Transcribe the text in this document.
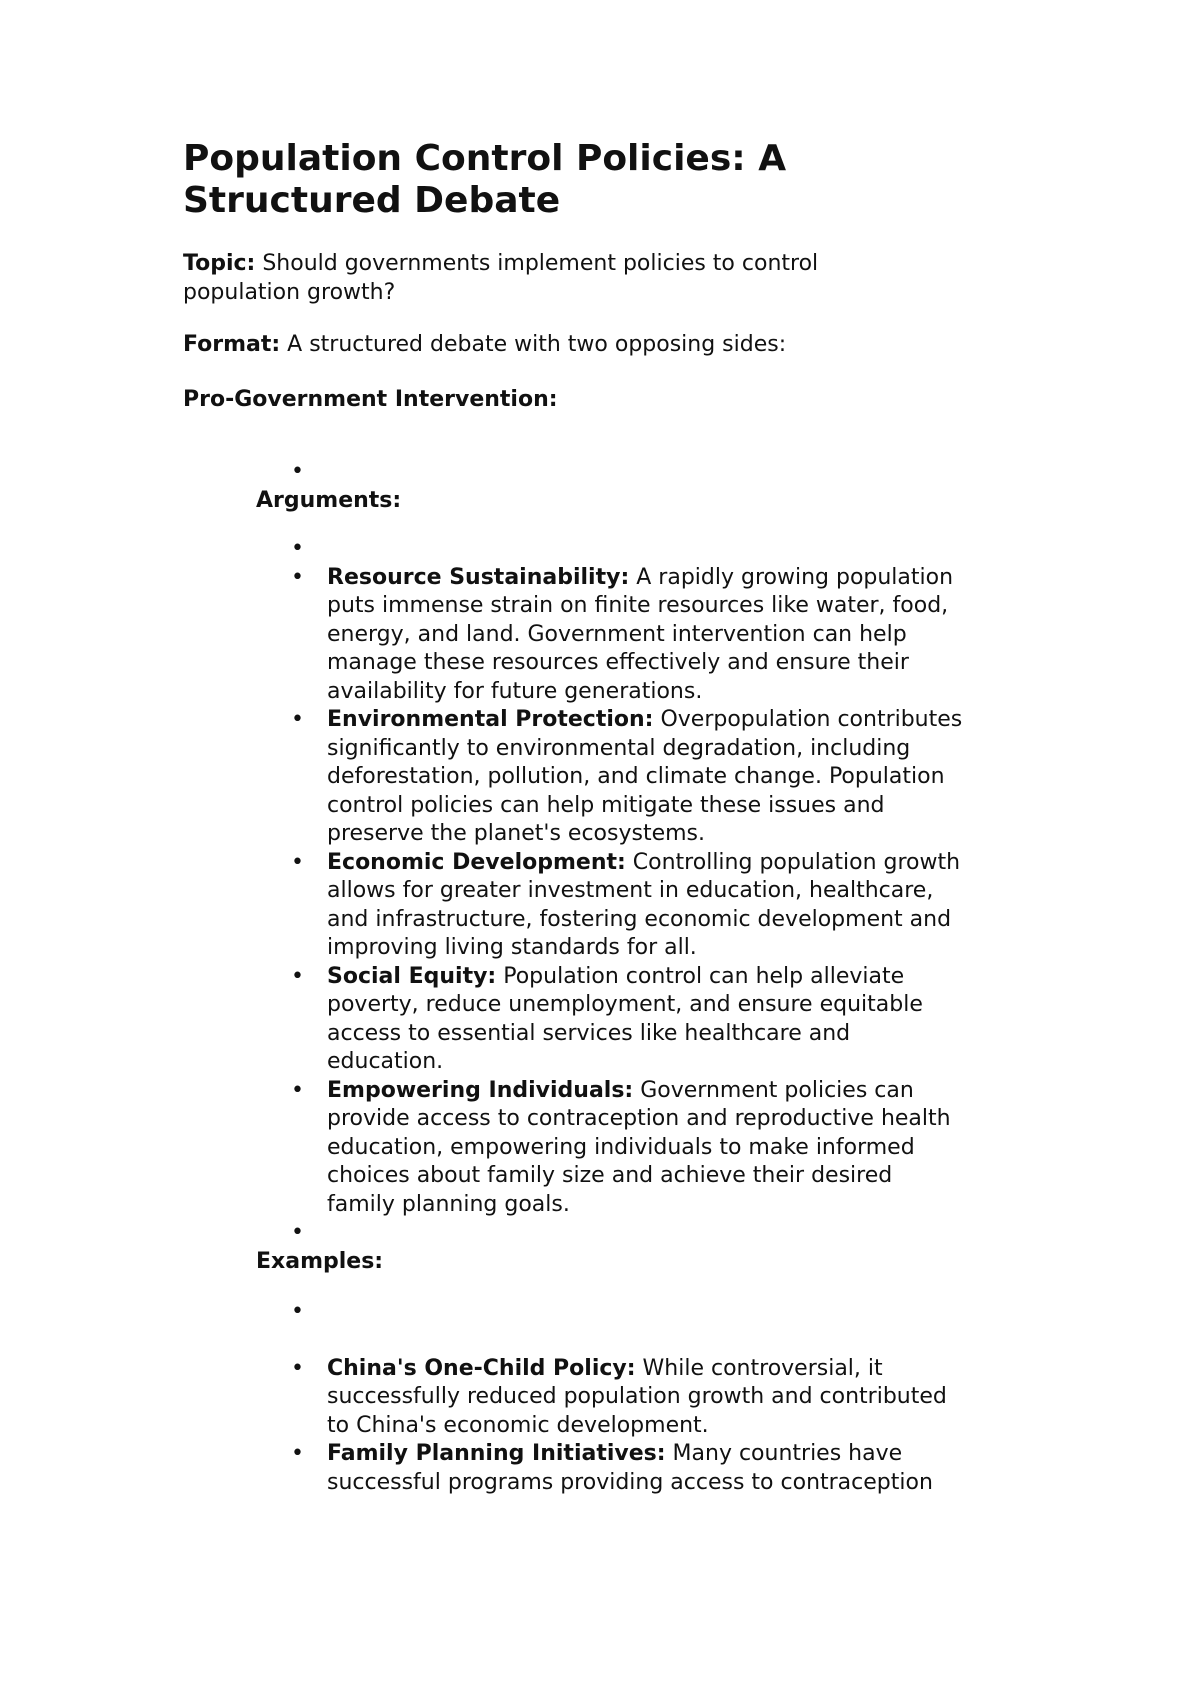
Population Control Policies: A Structured Debate

Topic: Should governments implement policies to control population growth?

Format: A structured debate with two opposing sides:

Pro-Government Intervention:

•

Arguments:
•

•	Resource Sustainability: A rapidly growing population puts immense strain on finite resources like water, food, energy, and land. Government intervention can help manage these resources effectively and ensure their availability for future generations.
•	Environmental Protection: Overpopulation contributes significantly to environmental degradation, including deforestation, pollution, and climate change. Population control policies can help mitigate these issues and preserve the planet's ecosystems.
•	Economic Development: Controlling population growth allows for greater investment in education, healthcare, and infrastructure, fostering economic development and improving living standards for all.
•	Social Equity: Population control can help alleviate poverty, reduce unemployment, and ensure equitable access to essential services like healthcare and education.
•	Empowering Individuals: Government policies can provide access to contraception and reproductive health education, empowering individuals to make informed choices about family size and achieve their desired family planning goals.
•

Examples:
•

•	China's One-Child Policy: While controversial, it successfully reduced population growth and contributed to China's economic development.
•	Family Planning Initiatives: Many countries have successful programs providing access to contraception
